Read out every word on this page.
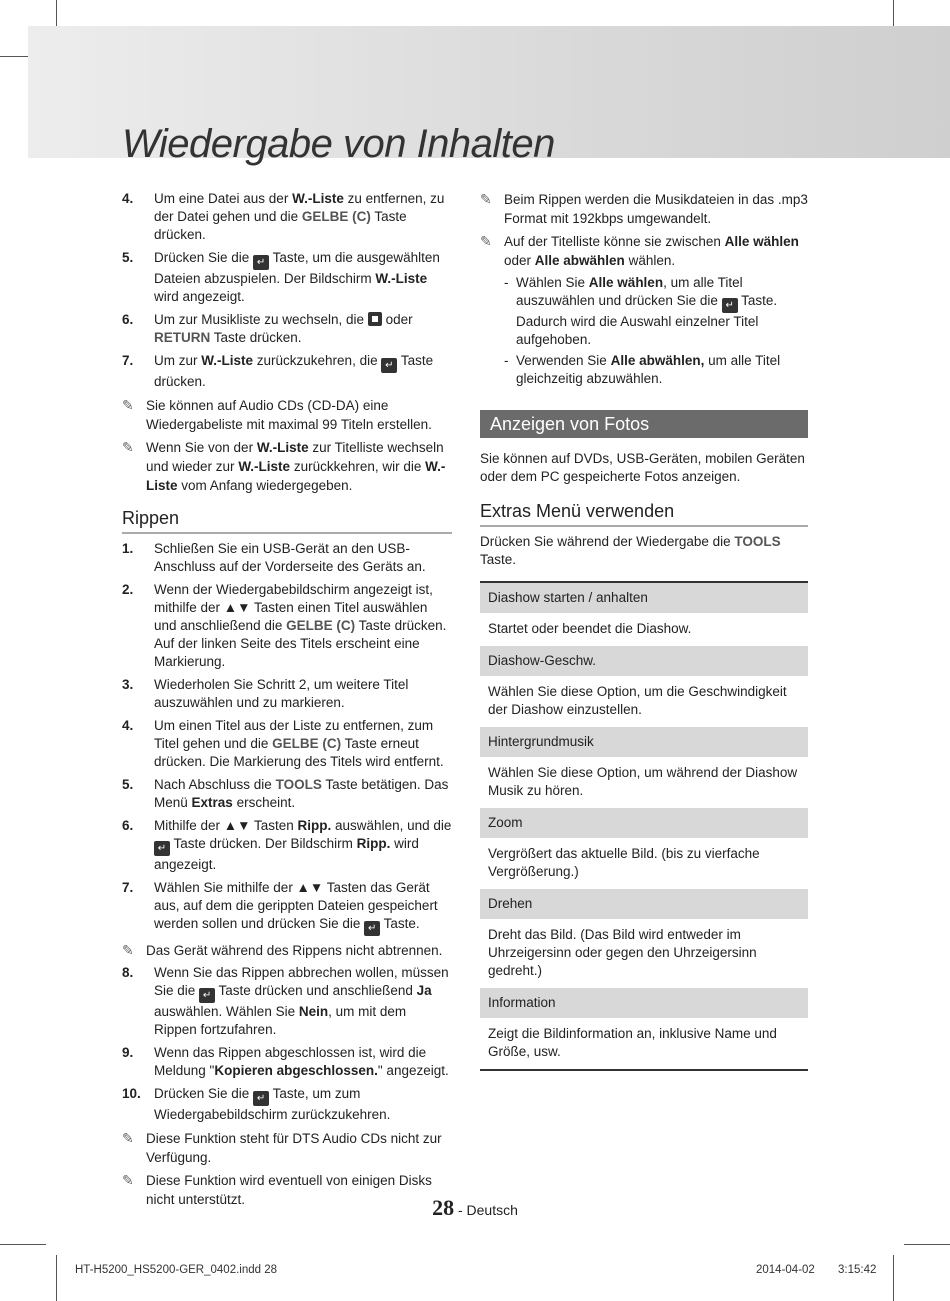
Wiedergabe von Inhalten
4. Um eine Datei aus der W.-Liste zu entfernen, zu der Datei gehen und die GELBE (C) Taste drücken.
5. Drücken Sie die ↵ Taste, um die ausgewählten Dateien abzuspielen. Der Bildschirm W.-Liste wird angezeigt.
6. Um zur Musikliste zu wechseln, die  oder RETURN Taste drücken.
7. Um zur W.-Liste zurückzukehren, die ↵ Taste drücken.
✎ Sie können auf Audio CDs (CD-DA) eine Wiedergabeliste mit maximal 99 Titeln erstellen.
✎ Wenn Sie von der W.-Liste zur Titelliste wechseln und wieder zur W.-Liste zurückkehren, wir die W.-Liste vom Anfang wiedergegeben.
Rippen
1. Schließen Sie ein USB-Gerät an den USB-Anschluss auf der Vorderseite des Geräts an.
2. Wenn der Wiedergabebildschirm angezeigt ist, mithilfe der ▲▼ Tasten einen Titel auswählen und anschließend die GELBE (C) Taste drücken. Auf der linken Seite des Titels erscheint eine Markierung.
3. Wiederholen Sie Schritt 2, um weitere Titel auszuwählen und zu markieren.
4. Um einen Titel aus der Liste zu entfernen, zum Titel gehen und die GELBE (C) Taste erneut drücken. Die Markierung des Titels wird entfernt.
5. Nach Abschluss die TOOLS Taste betätigen. Das Menü Extras erscheint.
6. Mithilfe der ▲▼ Tasten Ripp. auswählen, und die ↵ Taste drücken. Der Bildschirm Ripp. wird angezeigt.
7. Wählen Sie mithilfe der ▲▼ Tasten das Gerät aus, auf dem die gerippten Dateien gespeichert werden sollen und drücken Sie die ↵ Taste.
✎ Das Gerät während des Rippens nicht abtrennen.
8. Wenn Sie das Rippen abbrechen wollen, müssen Sie die ↵ Taste drücken und anschließend Ja auswählen. Wählen Sie Nein, um mit dem Rippen fortzufahren.
9. Wenn das Rippen abgeschlossen ist, wird die Meldung "Kopieren abgeschlossen." angezeigt.
10. Drücken Sie die ↵ Taste, um zum Wiedergabebildschirm zurückzukehren.
✎ Diese Funktion steht für DTS Audio CDs nicht zur Verfügung.
✎ Diese Funktion wird eventuell von einigen Disks nicht unterstützt.
✎ Beim Rippen werden die Musikdateien in das .mp3 Format mit 192kbps umgewandelt.
✎ Auf der Titelliste könne sie zwischen Alle wählen oder Alle abwählen wählen.
- Wählen Sie Alle wählen, um alle Titel auszuwählen und drücken Sie die ↵ Taste. Dadurch wird die Auswahl einzelner Titel aufgehoben.
- Verwenden Sie Alle abwählen, um alle Titel gleichzeitig abzuwählen.
Anzeigen von Fotos
Sie können auf DVDs, USB-Geräten, mobilen Geräten oder dem PC gespeicherte Fotos anzeigen.
Extras Menü verwenden
Drücken Sie während der Wiedergabe die TOOLS Taste.
Diashow starten / anhalten
Startet oder beendet die Diashow.
Diashow-Geschw.
Wählen Sie diese Option, um die Geschwindigkeit der Diashow einzustellen.
Hintergrundmusik
Wählen Sie diese Option, um während der Diashow Musik zu hören.
Zoom
Vergrößert das aktuelle Bild. (bis zu vierfache Vergrößerung.)
Drehen
Dreht das Bild. (Das Bild wird entweder im Uhrzeigersinn oder gegen den Uhrzeigersinn gedreht.)
Information
Zeigt die Bildinformation an, inklusive Name und Größe, usw.
28 - Deutsch
HT-H5200_HS5200-GER_0402.indd 28	2014-04-02 3:15:42
